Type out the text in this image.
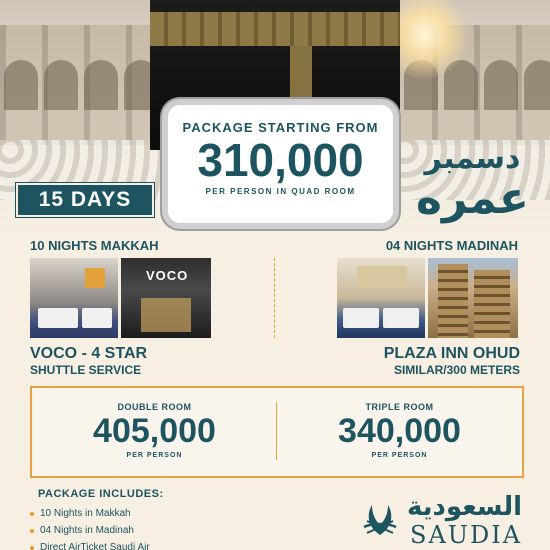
PACKAGE STARTING FROM
310,000
PER PERSON IN QUAD ROOM
15 DAYS
دسمبر
عمره
10 NIGHTS MAKKAH	04 NIGHTS MADINAH
VOCO
VOCO - 4 STAR
SHUTTLE SERVICE
PLAZA INN OHUD
SIMILAR/300 METERS
DOUBLE ROOM
405,000
PER PERSON
TRIPLE ROOM
340,000
PER PERSON
PACKAGE INCLUDES:
10 Nights in Makkah
04 Nights in Madinah
Direct AirTicket Saudi Air
السعودية
SAUDIA
